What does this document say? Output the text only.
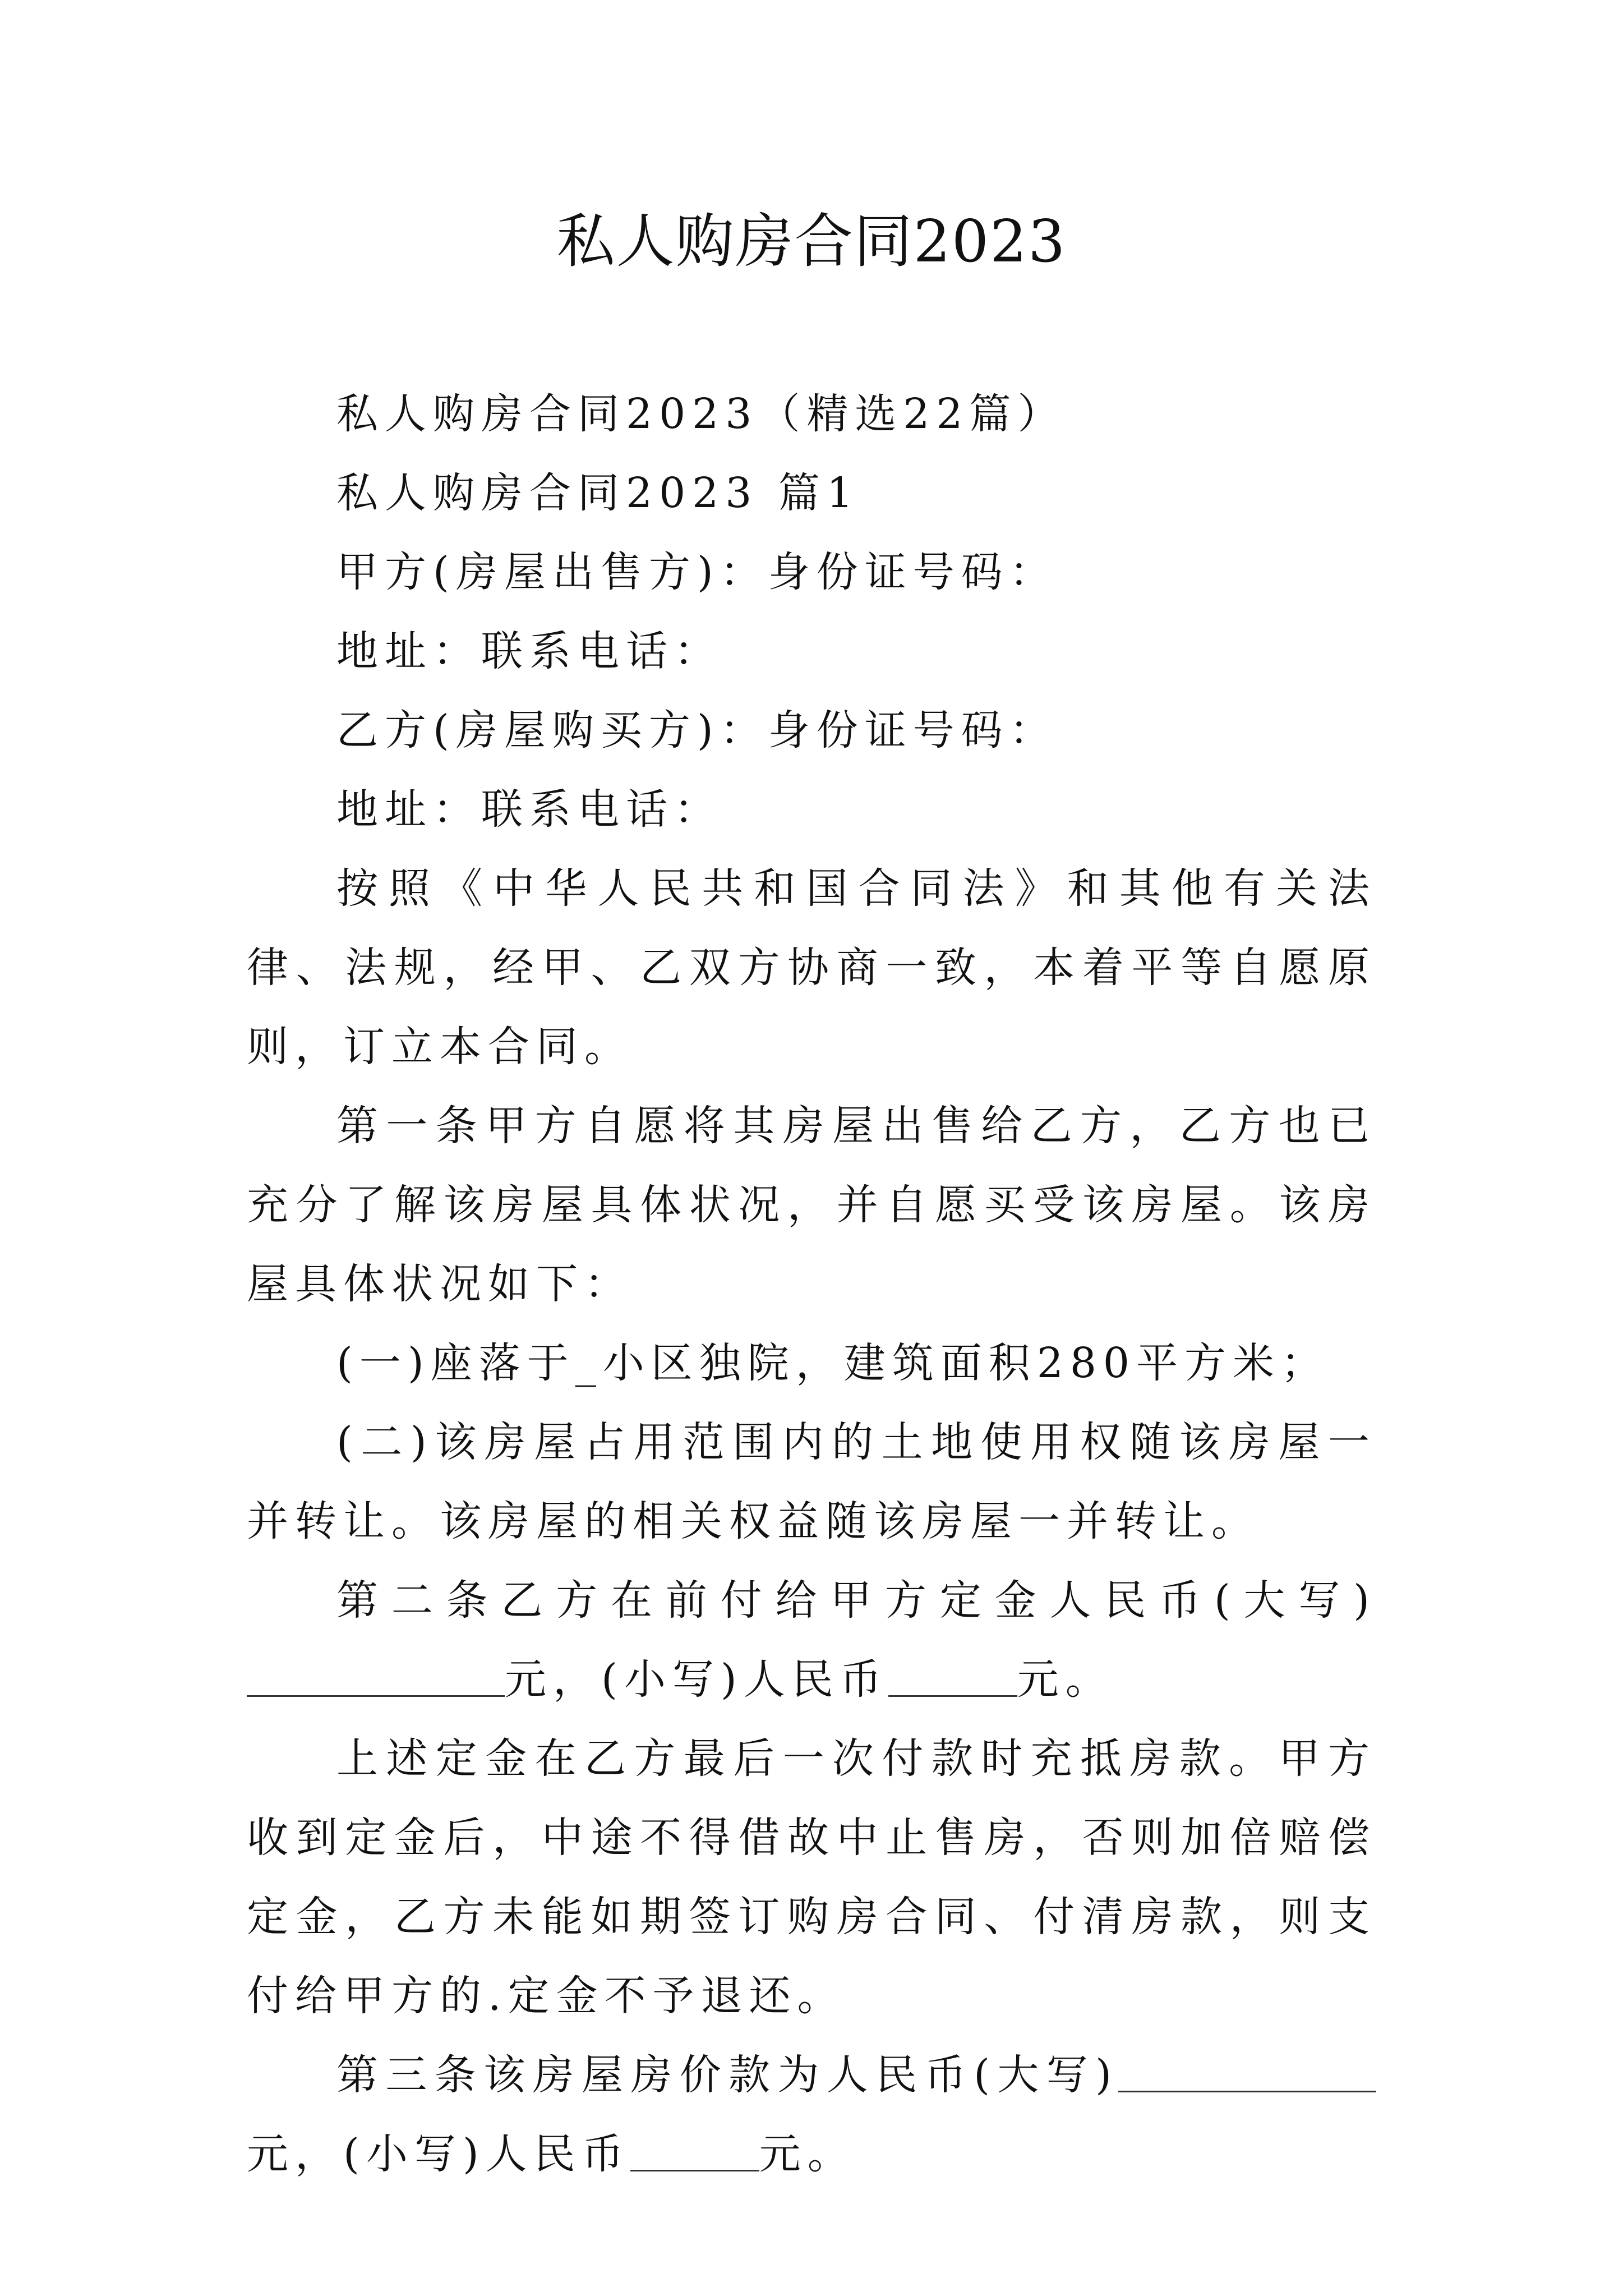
私人购房合同2023

私人购房合同2023（精选22篇）

私人购房合同2023 篇1

甲方(房屋出售方)：身份证号码：

地址：联系电话：

乙方(房屋购买方)：身份证号码：

地址：联系电话：

按照《中华人民共和国合同法》和其他有关法律、法规，经甲、乙双方协商一致，本着平等自愿原则，订立本合同。

第一条甲方自愿将其房屋出售给乙方，乙方也已充分了解该房屋具体状况，并自愿买受该房屋。该房屋具体状况如下：

(一)座落于_小区独院，建筑面积280平方米；

(二)该房屋占用范围内的土地使用权随该房屋一并转让。该房屋的相关权益随该房屋一并转让。

第二条乙方在前付给甲方定金人民币(大写)元，(小写)人民币	元。

上述定金在乙方最后一次付款时充抵房款。甲方收到定金后，中途不得借故中止售房，否则加倍赔偿定金，乙方未能如期签订购房合同、付清房款，则支付给甲方的.定金不予退还。

第三条该房屋房价款为人民币(大写)元，(小写)人民币	元。
